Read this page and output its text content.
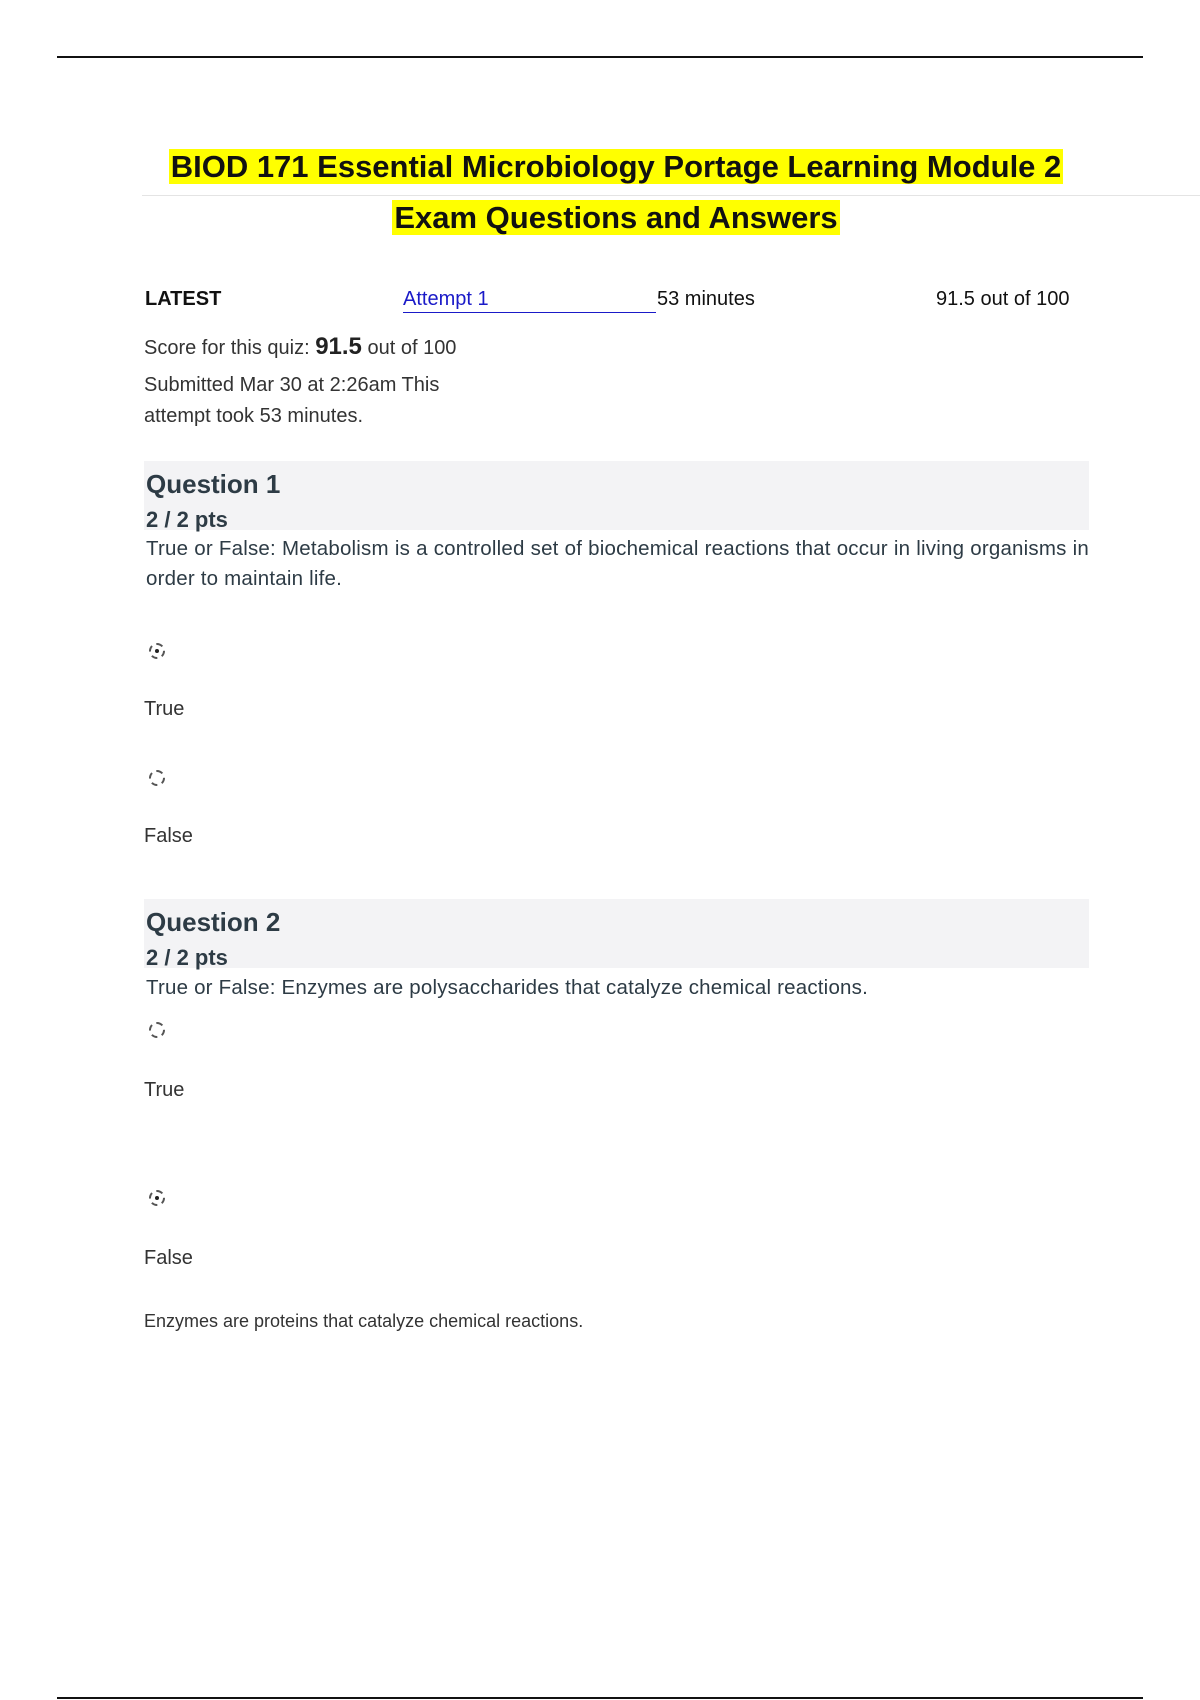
BIOD 171 Essential Microbiology Portage Learning Module 2
Exam Questions and Answers
LATEST	Attempt 1	53 minutes	91.5 out of 100
Score for this quiz: 91.5 out of 100
Submitted Mar 30 at 2:26am This
attempt took 53 minutes.
Question 1
2 / 2 pts
True or False: Metabolism is a controlled set of biochemical reactions that occur in living organisms in order to maintain life.
True
False
Question 2
2 / 2 pts
True or False: Enzymes are polysaccharides that catalyze chemical reactions.
True
False
Enzymes are proteins that catalyze chemical reactions.
